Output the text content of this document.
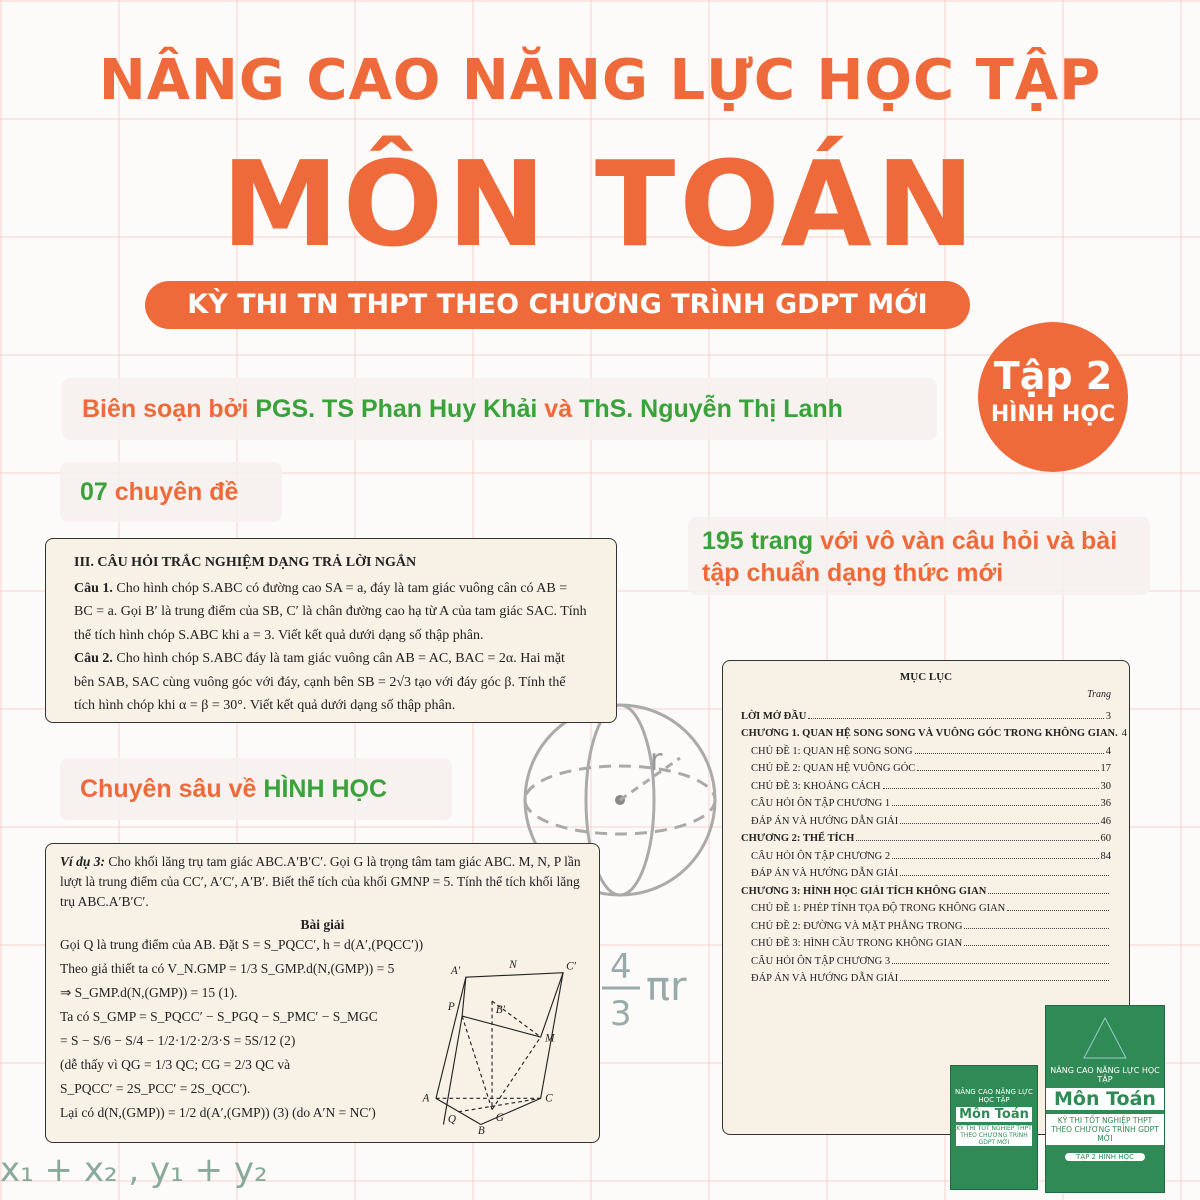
NÂNG CAO NĂNG LỰC HỌC TẬP
MÔN TOÁN
KỲ THI TN THPT THEO CHƯƠNG TRÌNH GDPT MỚI
Tập 2
HÌNH HỌC
Biên soạn bởi PGS. TS Phan Huy Khải và ThS. Nguyễn Thị Lanh
07 chuyên đề
195 trang với vô vàn câu hỏi và bài tập chuẩn dạng thức mới
Chuyên sâu về HÌNH HỌC
r
4
3
πr
III. CÂU HỎI TRẮC NGHIỆM DẠNG TRẢ LỜI NGẮN
Câu 1. Cho hình chóp S.ABC có đường cao SA = a, đáy là tam giác vuông cân có AB = BC = a. Gọi B′ là trung điểm của SB, C′ là chân đường cao hạ từ A của tam giác SAC. Tính thể tích hình chóp S.ABC khi a = 3. Viết kết quả dưới dạng số thập phân.
Câu 2. Cho hình chóp S.ABC đáy là tam giác vuông cân AB = AC, BAC = 2α. Hai mặt bên SAB, SAC cùng vuông góc với đáy, cạnh bên SB = 2√3 tạo với đáy góc β. Tính thể tích hình chóp khi α = β = 30°. Viết kết quả dưới dạng số thập phân.
Ví dụ 3: Cho khối lăng trụ tam giác ABC.A′B′C′. Gọi G là trọng tâm tam giác ABC. M, N, P lần lượt là trung điểm của CC′, A′C′, A′B′. Biết thể tích của khối GMNP = 5. Tính thể tích khối lăng trụ ABC.A′B′C′.
Bài giải
Gọi Q là trung điểm của AB. Đặt S = S_PQCC′, h = d(A′,(PQCC′))
Theo giả thiết ta có V_N.GMP = 1/3 S_GMP.d(N,(GMP)) = 5
⇒ S_GMP.d(N,(GMP)) = 15 (1).
Ta có S_GMP = S_PQCC′ − S_PGQ − S_PMC′ − S_MGC
= S − S/6 − S/4 − 1/2·1/2·2/3·S = 5S/12 (2)
(dễ thấy vì QG = 1/3 QC; CG = 2/3 QC và
S_PQCC′ = 2S_PCC′ = 2S_QCC′).
Lại có d(N,(GMP)) = 1/2 d(A′,(GMP)) (3) (do A′N = NC′)
A′	N	C′
P	B′
M
A	C
G
Q
B
x₁ + x₂ , y₁ + y₂
MỤC LỤC
Trang
LỜI MỞ ĐẦU	3
CHƯƠNG 1. QUAN HỆ SONG SONG VÀ VUÔNG GÓC TRONG KHÔNG GIAN. 4
CHỦ ĐỀ 1: QUAN HỆ SONG SONG	4
CHỦ ĐỀ 2: QUAN HỆ VUÔNG GÓC	17
CHỦ ĐỀ 3: KHOẢNG CÁCH	30
CÂU HỎI ÔN TẬP CHƯƠNG 1	36
ĐÁP ÁN VÀ HƯỚNG DẪN GIẢI	46
CHƯƠNG 2: THỂ TÍCH	60
CÂU HỎI ÔN TẬP CHƯƠNG 2	84
ĐÁP ÁN VÀ HƯỚNG DẪN GIẢI
CHƯƠNG 3: HÌNH HỌC GIẢI TÍCH KHÔNG GIAN
CHỦ ĐỀ 1: PHÉP TÍNH TỌA ĐỘ TRONG KHÔNG GIAN
CHỦ ĐỀ 2: ĐƯỜNG VÀ MẶT PHẲNG TRONG
CHỦ ĐỀ 3: HÌNH CẦU TRONG KHÔNG GIAN
CÂU HỎI ÔN TẬP CHƯƠNG 3
ĐÁP ÁN VÀ HƯỚNG DẪN GIẢI
NÂNG CAO NĂNG LỰC HỌC TẬP
Môn Toán
KỲ THI TỐT NGHIỆP THPT THEO CHƯƠNG TRÌNH GDPT MỚI
NÂNG CAO NĂNG LỰC HỌC TẬP
Môn Toán
KỲ THI TỐT NGHIỆP THPT THEO CHƯƠNG TRÌNH GDPT MỚI
TẬP 2 HÌNH HỌC
